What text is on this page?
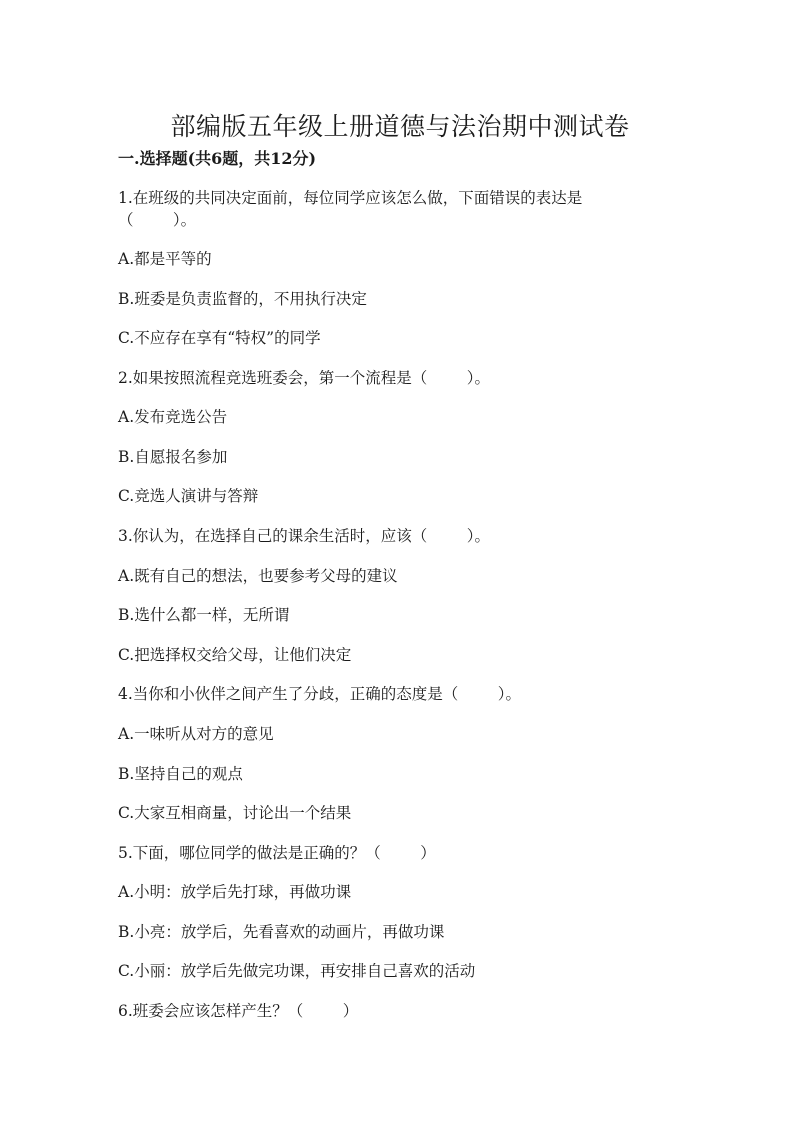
部编版五年级上册道德与法治期中测试卷
一.选择题(共6题，共12分)
1.在班级的共同决定面前，每位同学应该怎么做，下面错误的表达是
（        ）。
A.都是平等的
B.班委是负责监督的，不用执行决定
C.不应存在享有“特权”的同学
2.如果按照流程竞选班委会，第一个流程是（        ）。
A.发布竞选公告
B.自愿报名参加
C.竞选人演讲与答辩
3.你认为，在选择自己的课余生活时，应该（        ）。
A.既有自己的想法，也要参考父母的建议
B.选什么都一样，无所谓
C.把选择权交给父母，让他们决定
4.当你和小伙伴之间产生了分歧，正确的态度是（        ）。
A.一味听从对方的意见
B.坚持自己的观点
C.大家互相商量，讨论出一个结果
5.下面，哪位同学的做法是正确的？（        ）
A.小明：放学后先打球，再做功课
B.小亮：放学后，先看喜欢的动画片，再做功课
C.小丽：放学后先做完功课，再安排自己喜欢的活动
6.班委会应该怎样产生？（        ）
